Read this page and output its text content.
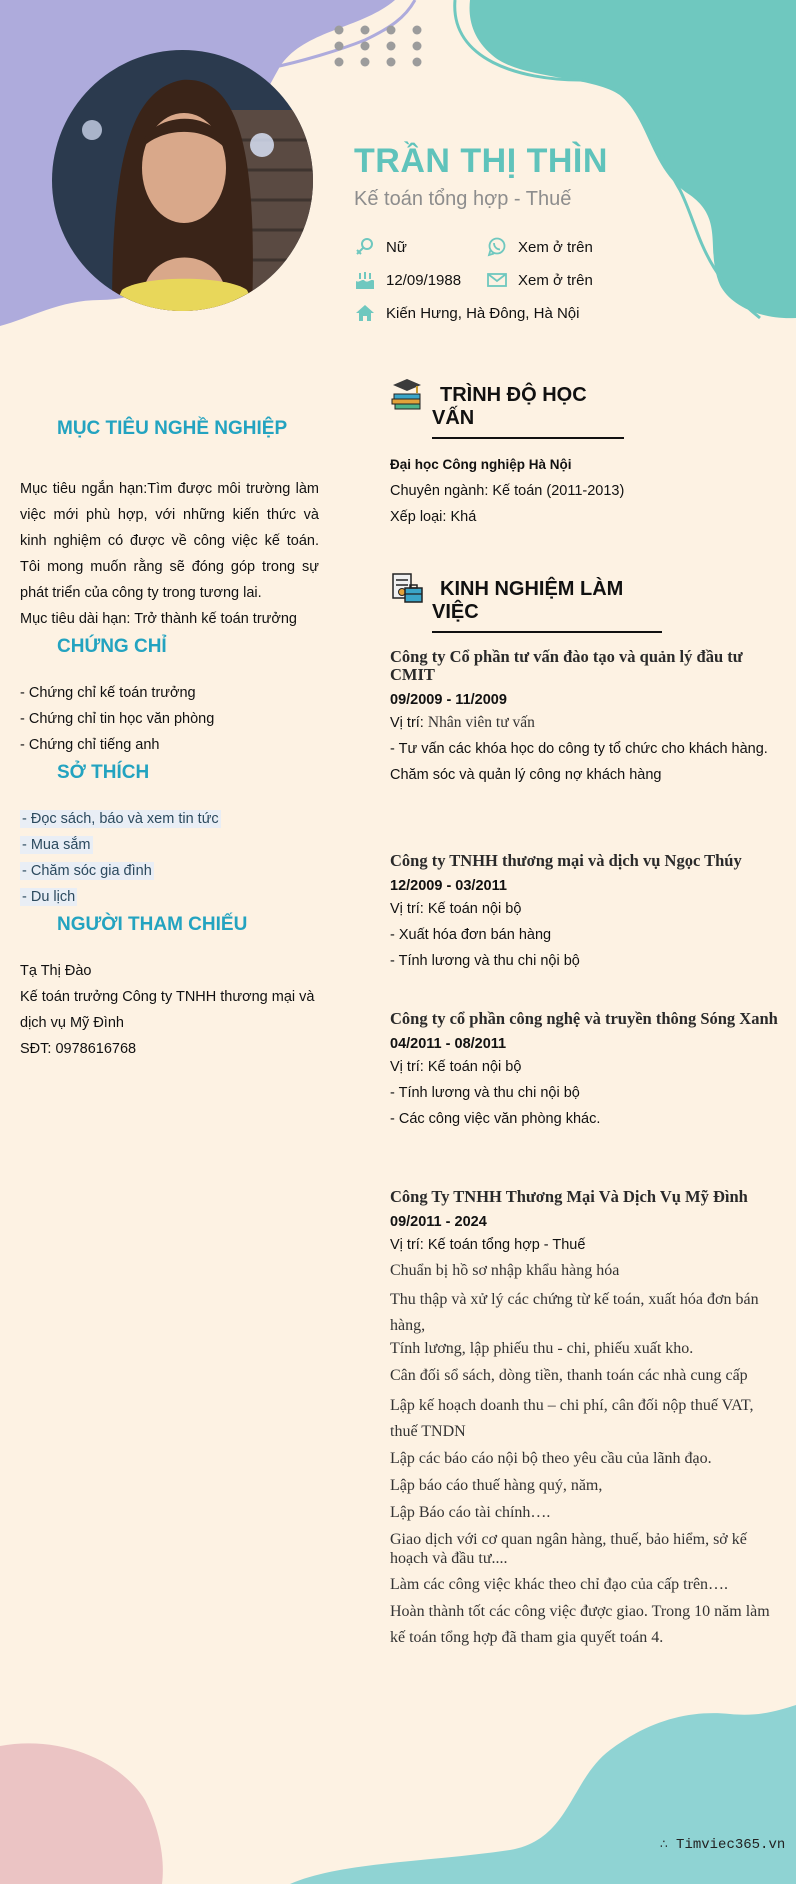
TRẦN THỊ THÌN
Kế toán tổng hợp - Thuế
Nữ	Xem ở trên
12/09/1988	Xem ở trên
Kiến Hưng, Hà Đông, Hà Nội
MỤC TIÊU NGHỀ NGHIỆP
Mục tiêu ngắn hạn:Tìm được môi trường làm việc mới phù hợp, với những kiến thức và kinh nghiệm có được về công việc kế toán. Tôi mong muốn rằng sẽ đóng góp trong sự phát triển của công ty trong tương lai.
Mục tiêu dài hạn: Trở thành kế toán trưởng
CHỨNG CHỈ
- Chứng chỉ kế toán trưởng
- Chứng chỉ tin học văn phòng
- Chứng chỉ tiếng anh
SỞ THÍCH
- Đọc sách, báo và xem tin tức
- Mua sắm
- Chăm sóc gia đình
- Du lịch
NGƯỜI THAM CHIẾU
Tạ Thị Đào
Kế toán trưởng Công ty TNHH thương mại và dịch vụ Mỹ Đình
SĐT: 0978616768
TRÌNH ĐỘ HỌC VẤN
Đại học Công nghiệp Hà Nội
Chuyên ngành: Kế toán (2011-2013)
Xếp loại: Khá
KINH NGHIỆM LÀM VIỆC
Công ty Cổ phần tư vấn đào tạo và quản lý đầu tư CMIT
09/2009 - 11/2009
Vị trí: Nhân viên tư vấn
- Tư vấn các khóa học do công ty tổ chức cho khách hàng. Chăm sóc và quản lý công nợ khách hàng
Công ty TNHH thương mại và dịch vụ Ngọc Thúy
12/2009 - 03/2011
Vị trí: Kế toán nội bộ
- Xuất hóa đơn bán hàng
- Tính lương và thu chi nội bộ
Công ty cổ phần công nghệ và truyền thông Sóng Xanh
04/2011 - 08/2011
Vị trí: Kế toán nội bộ
- Tính lương và thu chi nội bộ
- Các công việc văn phòng khác.
Công Ty TNHH Thương Mại Và Dịch Vụ Mỹ Đình
09/2011 - 2024
Vị trí: Kế toán tổng hợp - Thuế
Chuẩn bị hồ sơ nhập khẩu hàng hóa
Thu thập và xử lý các chứng từ kế toán, xuất hóa đơn bán hàng,
Tính lương, lập phiếu thu - chi, phiếu xuất kho.
Cân đối sổ sách, dòng tiền, thanh toán các nhà cung cấp
Lập kế hoạch doanh thu – chi phí, cân đối nộp thuế VAT, thuế TNDN
Lập các báo cáo nội bộ theo yêu cầu của lãnh đạo.
Lập báo cáo thuế hàng quý, năm,
Lập Báo cáo tài chính….
Giao dịch với cơ quan ngân hàng, thuế, bảo hiểm, sở kế hoạch và đầu tư....
Làm các công việc khác theo chỉ đạo của cấp trên….
Hoàn thành tốt các công việc được giao. Trong 10 năm làm kế toán tổng hợp đã tham gia quyết toán 4.
∴ Timviec365.vn
